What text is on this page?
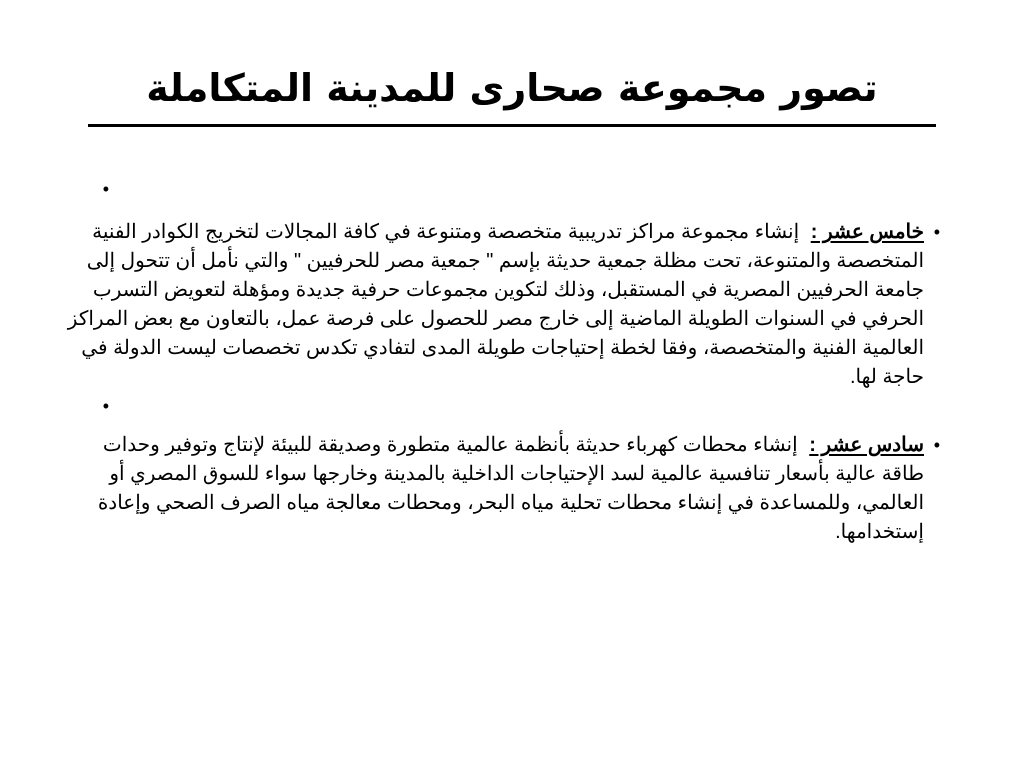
تصور مجموعة صحارى للمدينة المتكاملة
•
•
خامس عشر : إنشاء مجموعة مراكز تدريبية متخصصة ومتنوعة في كافة المجالات لتخريج الكوادر الفنية المتخصصة والمتنوعة، تحت مظلة جمعية حديثة بإسم " جمعية مصر للحرفيين " والتي نأمل أن تتحول إلى جامعة الحرفيين المصرية في المستقبل، وذلك لتكوين مجموعات حرفية جديدة ومؤهلة لتعويض التسرب الحرفي في السنوات الطويلة الماضية إلى خارج مصر للحصول على فرصة عمل، بالتعاون مع بعض المراكز العالمية الفنية والمتخصصة، وفقا لخطة إحتياجات طويلة المدى لتفادي تكدس تخصصات ليست الدولة في حاجة لها.
•
•
سادس عشر : إنشاء محطات كهرباء حديثة بأنظمة عالمية متطورة وصديقة للبيئة لإنتاج وتوفير وحدات طاقة عالية بأسعار تنافسية عالمية لسد الإحتياجات الداخلية بالمدينة وخارجها سواء للسوق المصري أو العالمي، وللمساعدة في إنشاء محطات تحلية مياه البحر، ومحطات معالجة مياه الصرف الصحي وإعادة إستخدامها.
